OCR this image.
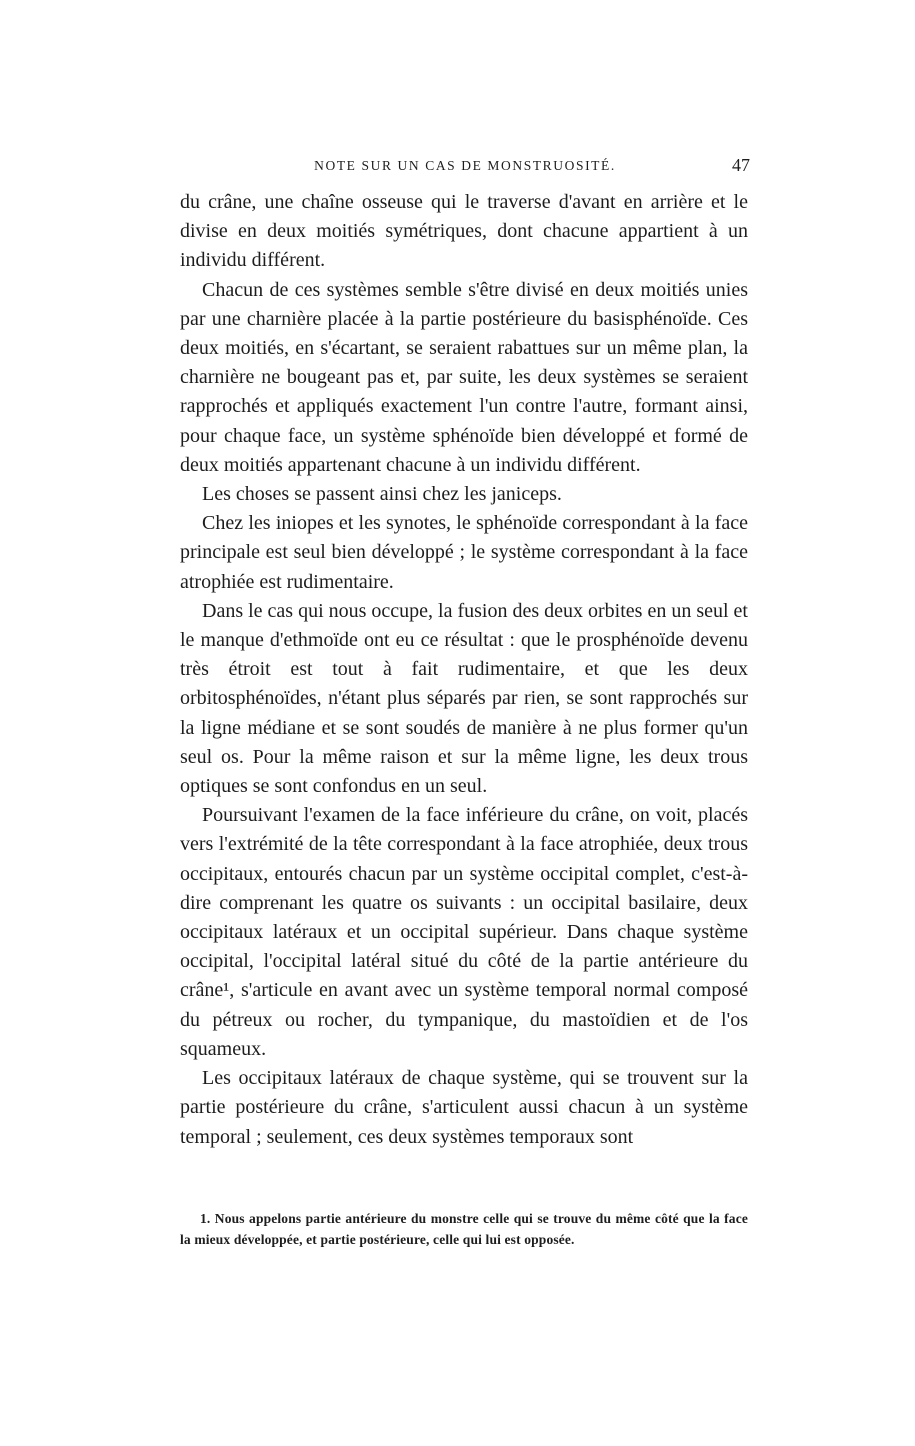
NOTE SUR UN CAS DE MONSTRUOSITÉ.	47

du crâne, une chaîne osseuse qui le traverse d'avant en arrière et le divise en deux moitiés symétriques, dont chacune appartient à un individu différent.

Chacun de ces systèmes semble s'être divisé en deux moitiés unies par une charnière placée à la partie postérieure du basisphénoïde. Ces deux moitiés, en s'écartant, se seraient rabattues sur un même plan, la charnière ne bougeant pas et, par suite, les deux systèmes se seraient rapprochés et appliqués exactement l'un contre l'autre, formant ainsi, pour chaque face, un système sphénoïde bien développé et formé de deux moitiés appartenant chacune à un individu différent.

Les choses se passent ainsi chez les janiceps.

Chez les iniopes et les synotes, le sphénoïde correspondant à la face principale est seul bien développé ; le système correspondant à la face atrophiée est rudimentaire.

Dans le cas qui nous occupe, la fusion des deux orbites en un seul et le manque d'ethmoïde ont eu ce résultat : que le prosphénoïde devenu très étroit est tout à fait rudimentaire, et que les deux orbitosphénoïdes, n'étant plus séparés par rien, se sont rapprochés sur la ligne médiane et se sont soudés de manière à ne plus former qu'un seul os. Pour la même raison et sur la même ligne, les deux trous optiques se sont confondus en un seul.

Poursuivant l'examen de la face inférieure du crâne, on voit, placés vers l'extrémité de la tête correspondant à la face atrophiée, deux trous occipitaux, entourés chacun par un système occipital complet, c'est-à-dire comprenant les quatre os suivants : un occipital basilaire, deux occipitaux latéraux et un occipital supérieur. Dans chaque système occipital, l'occipital latéral situé du côté de la partie antérieure du crâne¹, s'articule en avant avec un système temporal normal composé du pétreux ou rocher, du tympanique, du mastoïdien et de l'os squameux.

Les occipitaux latéraux de chaque système, qui se trouvent sur la partie postérieure du crâne, s'articulent aussi chacun à un système temporal ; seulement, ces deux systèmes temporaux sont

1. Nous appelons partie antérieure du monstre celle qui se trouve du même côté que la face la mieux développée, et partie postérieure, celle qui lui est opposée.
